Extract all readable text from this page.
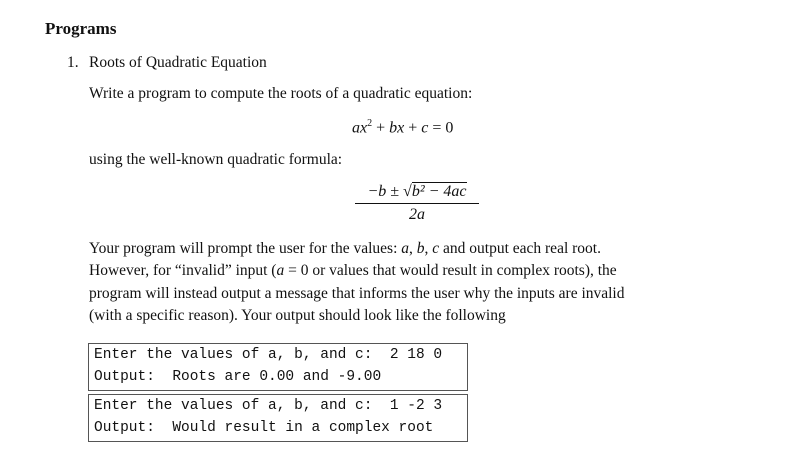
Programs
1. Roots of Quadratic Equation
Write a program to compute the roots of a quadratic equation:
$ax^2$ + bx + c = 0
using the well-known quadratic formula:
$\frac{\text{−b ± √b² − 4ac}}{2a}$
Your program will prompt the user for the values: a, b, c and output each real root.
However, for “invalid” input (a = 0 or values that would result in complex roots), the
program will instead output a message that informs the user why the inputs are invalid
(with a specific reason). Your output should look like the following
Enter the values of a, b, and c:  2 18 0
Output:  Roots are 0.00 and -9.00
Enter the values of a, b, and c:  1 -2 3
Output:  Would result in a complex root
